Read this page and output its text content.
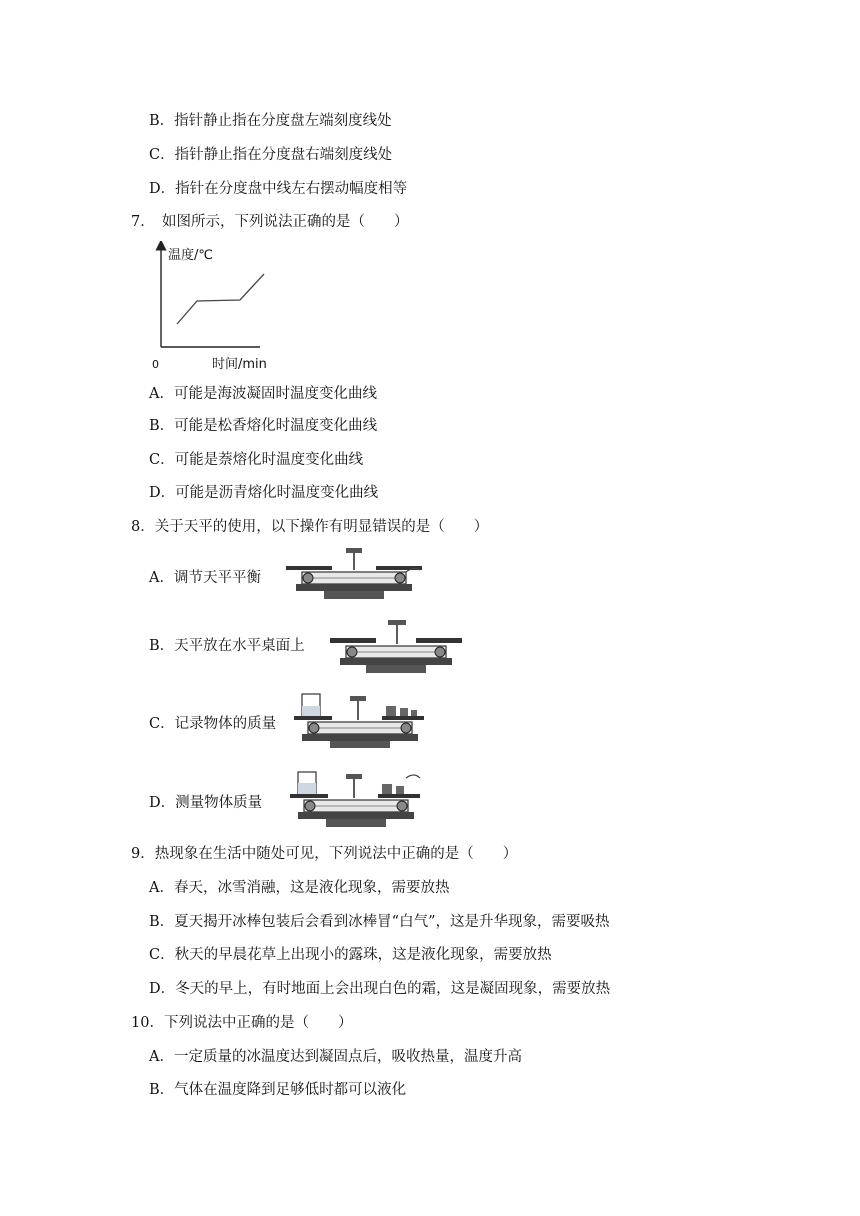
B．指针静止指在分度盘左端刻度线处
C．指针静止指在分度盘右端刻度线处
D．指针在分度盘中线左右摆动幅度相等
7．　如图所示，下列说法正确的是（　　）
温度/℃
0	时间/min
A．可能是海波凝固时温度变化曲线
B．可能是松香熔化时温度变化曲线
C．可能是萘熔化时温度变化曲线
D．可能是沥青熔化时温度变化曲线
8．关于天平的使用，以下操作有明显错误的是（　　）
A．调节天平平衡
B．天平放在水平桌面上
C．记录物体的质量
D．测量物体质量
9．热现象在生活中随处可见，下列说法中正确的是（　　）
A．春天，冰雪消融，这是液化现象，需要放热
B．夏天揭开冰棒包装后会看到冰棒冒“白气”，这是升华现象，需要吸热
C．秋天的早晨花草上出现小的露珠，这是液化现象，需要放热
D．冬天的早上，有时地面上会出现白色的霜，这是凝固现象，需要放热
10．下列说法中正确的是（　　）
A．一定质量的冰温度达到凝固点后，吸收热量，温度升高
B．气体在温度降到足够低时都可以液化
